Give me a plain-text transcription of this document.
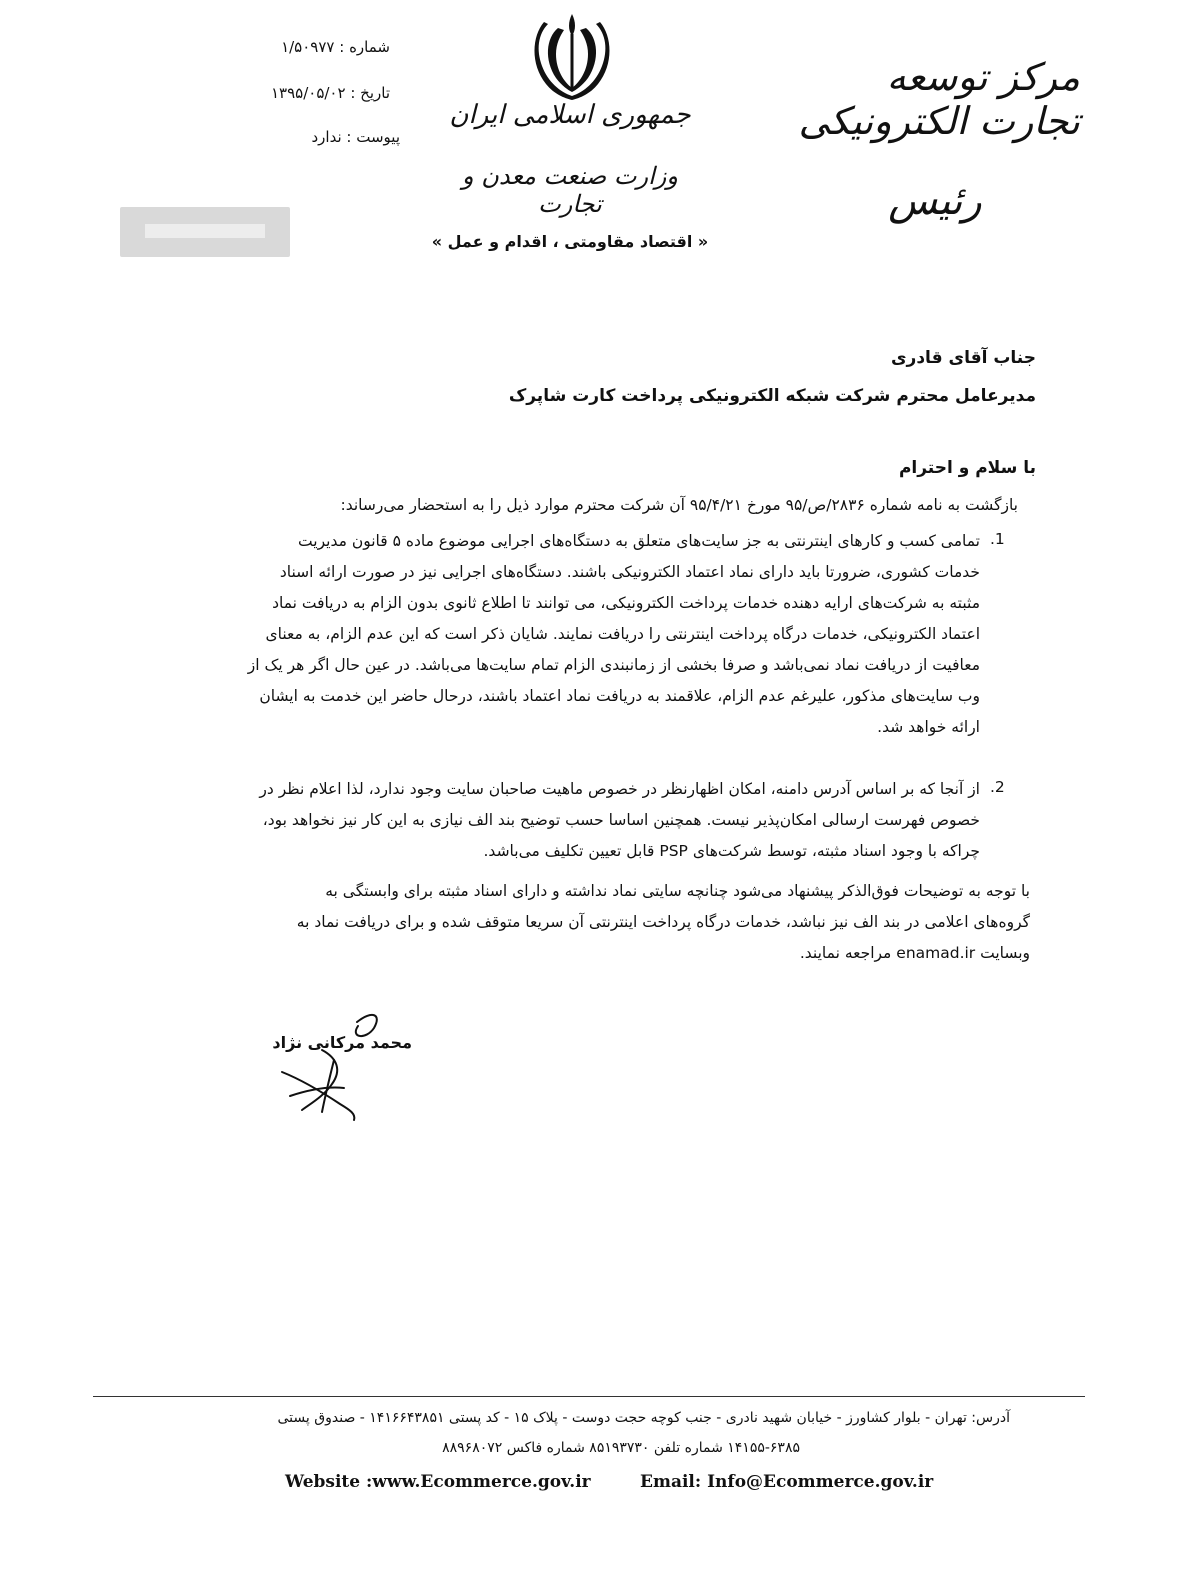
شماره : ۱/۵۰۹۷۷
تاریخ : ۱۳۹۵/۰۵/۰۲
پیوست : ندارد
جمهوری اسلامی ایران
وزارت صنعت معدن و تجارت
« اقتصاد مقاومتی ، اقدام و عمل »
مرکز توسعه تجارت الکترونیکی
رئیس
جناب آقای قادری
مدیرعامل محترم شرکت شبکه الکترونیکی پرداخت کارت شاپرک
با سلام و احترام
بازگشت به نامه شماره ۲۸۳۶/ص/۹۵ مورخ ۹۵/۴/۲۱ آن شرکت محترم موارد ذیل را به استحضار می‌رساند:
.1
تمامی کسب و کارهای اینترنتی به جز سایت‌های متعلق به دستگاه‌های اجرایی موضوع ماده ۵ قانون مدیریت
خدمات کشوری، ضرورتا باید دارای نماد اعتماد الکترونیکی باشند. دستگاه‌های اجرایی نیز در صورت ارائه اسناد
مثبته به شرکت‌های ارایه دهنده خدمات پرداخت الکترونیکی، می توانند تا اطلاع ثانوی بدون الزام به دریافت نماد
اعتماد الکترونیکی، خدمات درگاه پرداخت اینترنتی را دریافت نمایند. شایان ذکر است که این عدم الزام، به معنای
معافیت از دریافت نماد نمی‌باشد و صرفا بخشی از زمانبندی الزام تمام سایت‌ها می‌باشد. در عین حال اگر هر یک از
وب سایت‌های مذکور، علیرغم عدم الزام، علاقمند به دریافت نماد اعتماد باشند، درحال حاضر این خدمت به ایشان
ارائه خواهد شد.
.2
از آنجا که بر اساس آدرس دامنه، امکان اظهارنظر در خصوص ماهیت صاحبان سایت وجود ندارد، لذا اعلام نظر در
خصوص فهرست ارسالی امکان‌پذیر نیست. همچنین اساسا حسب توضیح بند الف نیازی به این کار نیز نخواهد بود،
چراکه با وجود اسناد مثبته، توسط شرکت‌های PSP قابل تعیین تکلیف می‌باشد.
با توجه به توضیحات فوق‌الذکر پیشنهاد می‌شود چنانچه سایتی نماد نداشته و دارای اسناد مثبته برای وابستگی به
گروه‌های اعلامی در بند الف نیز نباشد، خدمات درگاه پرداخت اینترنتی آن سریعا متوقف شده و برای دریافت نماد به
وبسایت enamad.ir مراجعه نمایند.
محمد مرکانی نژاد
آدرس: تهران - بلوار کشاورز - خیابان شهید نادری - جنب کوچه حجت دوست - پلاک ۱۵ - کد پستی ۱۴۱۶۶۴۳۸۵۱ - صندوق پستی
۱۴۱۵۵-۶۳۸۵ شماره تلفن ۸۵۱۹۳۷۳۰ شماره فاکس ۸۸۹۶۸۰۷۲
Website :www.Ecommerce.gov.ir	Email: Info@Ecommerce.gov.ir
